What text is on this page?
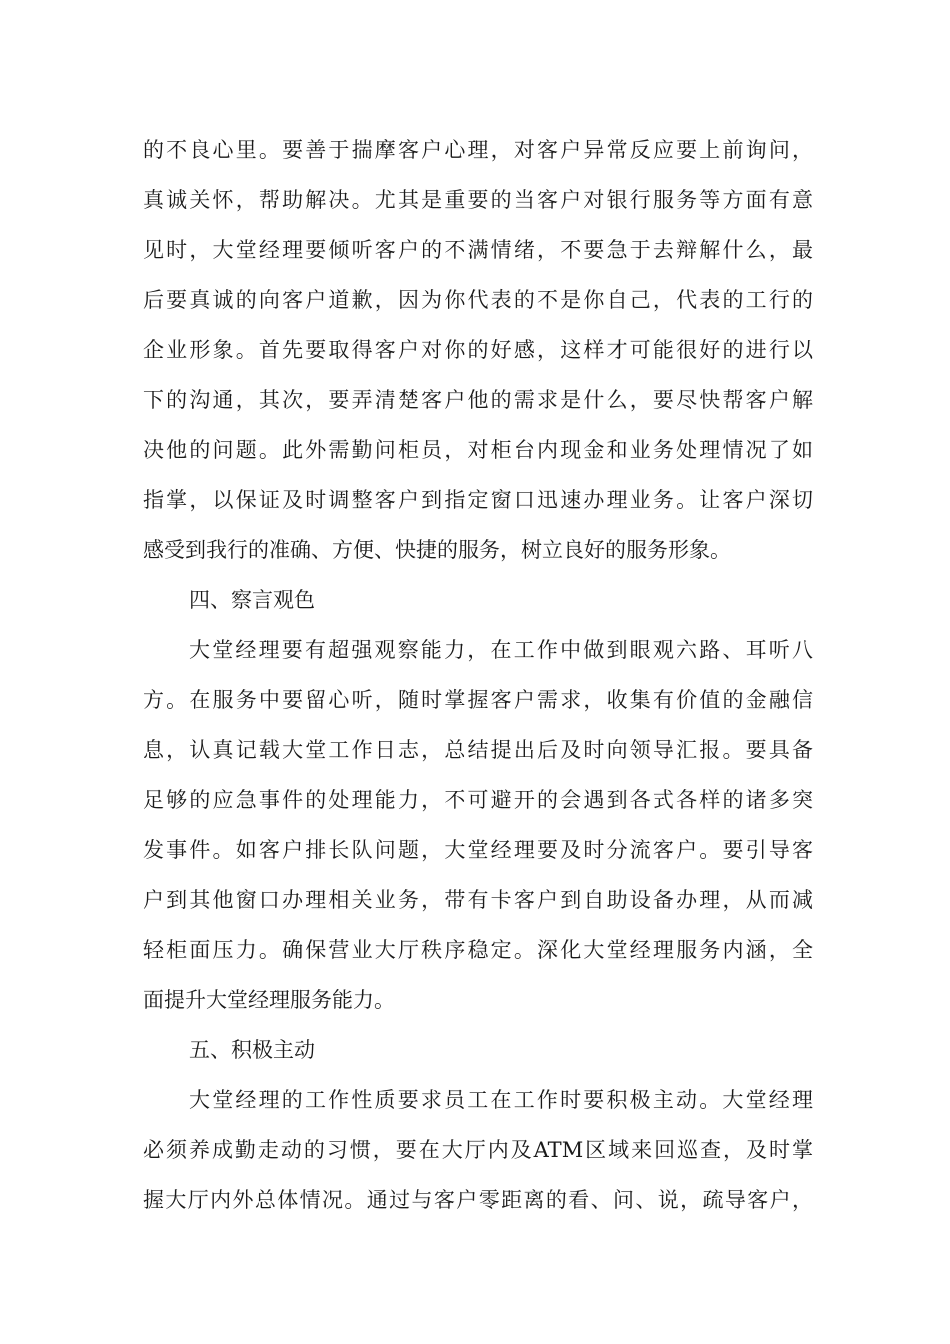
的不良心里。要善于揣摩客户心理，对客户异常反应要上前询问，
真诚关怀，帮助解决。尤其是重要的当客户对银行服务等方面有意
见时，大堂经理要倾听客户的不满情绪，不要急于去辩解什么，最
后要真诚的向客户道歉，因为你代表的不是你自己，代表的工行的
企业形象。首先要取得客户对你的好感，这样才可能很好的进行以
下的沟通，其次，要弄清楚客户他的需求是什么，要尽快帮客户解
决他的问题。此外需勤问柜员，对柜台内现金和业务处理情况了如
指掌，以保证及时调整客户到指定窗口迅速办理业务。让客户深切
感受到我行的准确、方便、快捷的服务，树立良好的服务形象。
四、察言观色
大堂经理要有超强观察能力，在工作中做到眼观六路、耳听八
方。在服务中要留心听，随时掌握客户需求，收集有价值的金融信
息，认真记载大堂工作日志，总结提出后及时向领导汇报。要具备
足够的应急事件的处理能力，不可避开的会遇到各式各样的诸多突
发事件。如客户排长队问题，大堂经理要及时分流客户。要引导客
户到其他窗口办理相关业务，带有卡客户到自助设备办理，从而减
轻柜面压力。确保营业大厅秩序稳定。深化大堂经理服务内涵，全
面提升大堂经理服务能力。
五、积极主动
大堂经理的工作性质要求员工在工作时要积极主动。大堂经理
必须养成勤走动的习惯，要在大厅内及ATM区域来回巡查，及时掌
握大厅内外总体情况。通过与客户零距离的看、问、说，疏导客户，
